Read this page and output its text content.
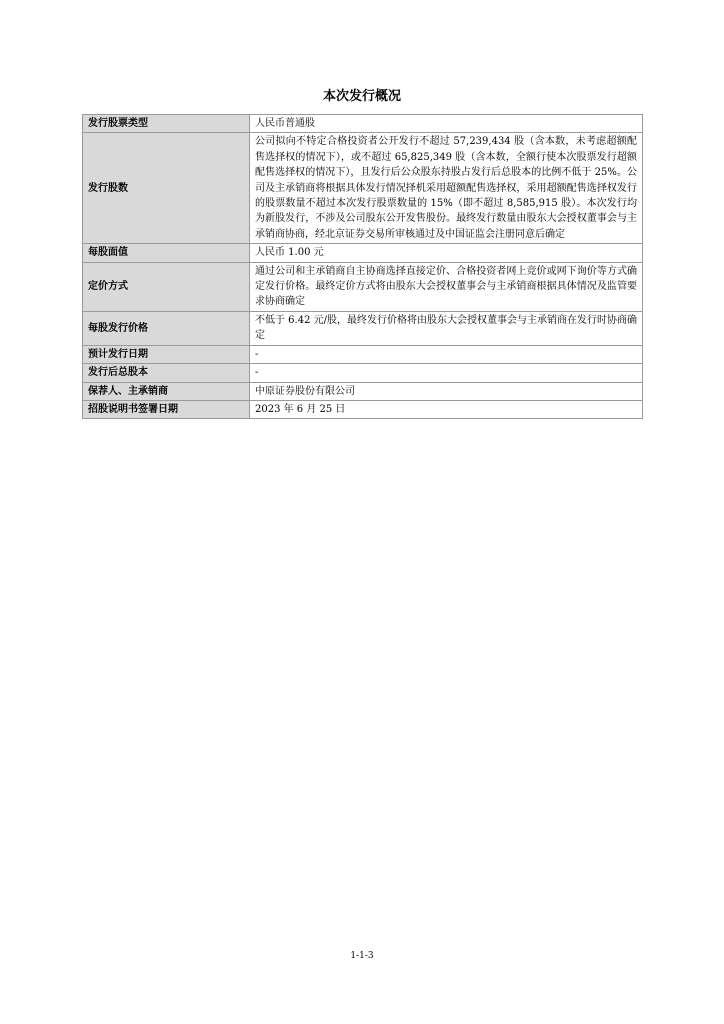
本次发行概况
发行股票类型	人民币普通股
发行股数	公司拟向不特定合格投资者公开发行不超过 57,239,434 股（含本数，未考虑超额配售选择权的情况下），或不超过 65,825,349 股（含本数，全额行使本次股票发行超额配售选择权的情况下），且发行后公众股东持股占发行后总股本的比例不低于 25%。公司及主承销商将根据具体发行情况择机采用超额配售选择权，采用超额配售选择权发行的股票数量不超过本次发行股票数量的 15%（即不超过 8,585,915 股）。本次发行均为新股发行，不涉及公司股东公开发售股份。最终发行数量由股东大会授权董事会与主承销商协商，经北京证券交易所审核通过及中国证监会注册同意后确定
每股面值	人民币 1.00 元
定价方式	通过公司和主承销商自主协商选择直接定价、合格投资者网上竞价或网下询价等方式确定发行价格。最终定价方式将由股东大会授权董事会与主承销商根据具体情况及监管要求协商确定
每股发行价格	不低于 6.42 元/股，最终发行价格将由股东大会授权董事会与主承销商在发行时协商确定
预计发行日期	-
发行后总股本	-
保荐人、主承销商	中原证券股份有限公司
招股说明书签署日期	2023 年 6 月 25 日
1-1-3
